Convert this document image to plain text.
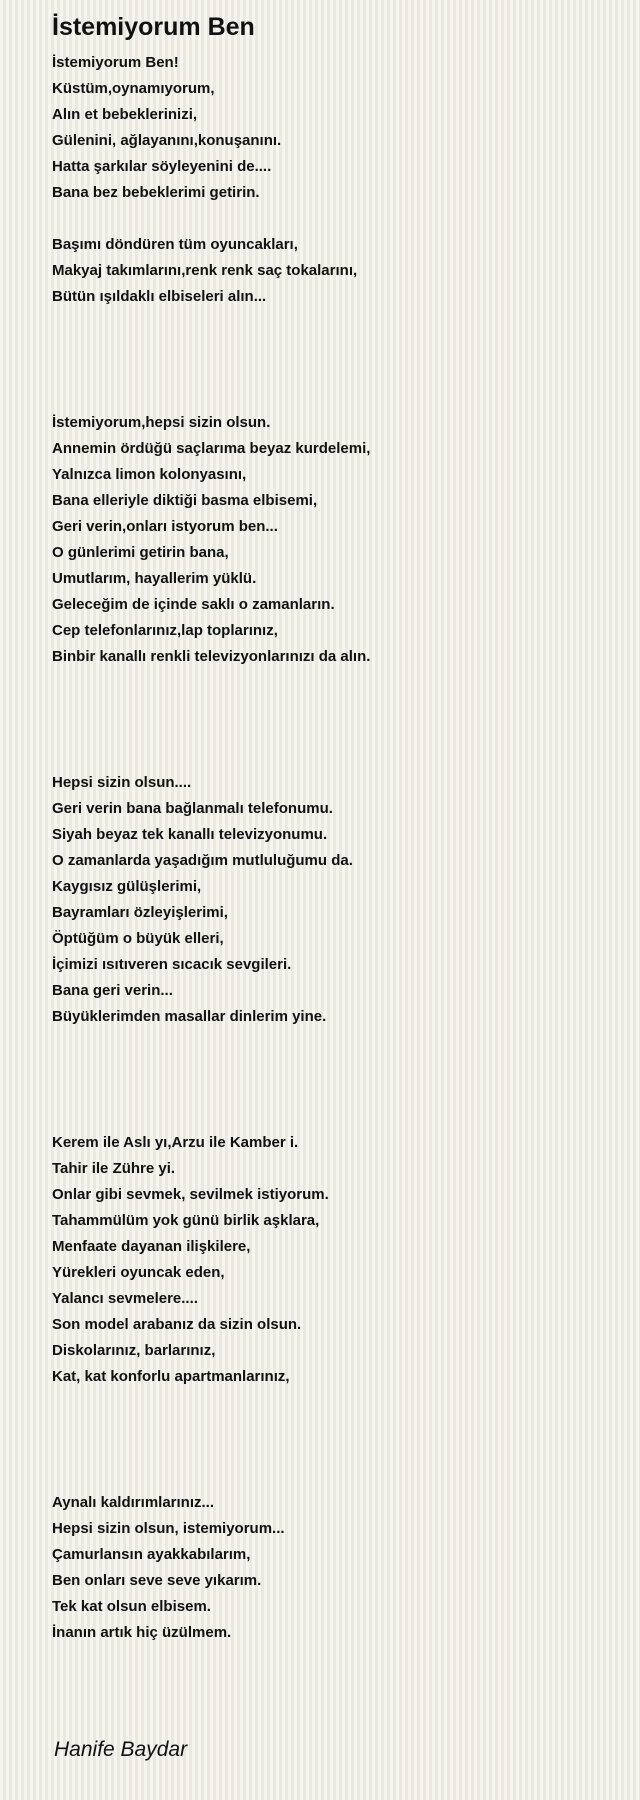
İstemiyorum Ben
İstemiyorum Ben!
Küstüm,oynamıyorum,
Alın et bebeklerinizi,
Gülenini, ağlayanını,konuşanını.
Hatta şarkılar söyleyenini de....
Bana bez bebeklerimi getirin.
Başımı döndüren tüm oyuncakları,
Makyaj takımlarını,renk renk saç tokalarını,
Bütün ışıldaklı elbiseleri alın...
İstemiyorum,hepsi sizin olsun.
Annemin ördüğü saçlarıma beyaz kurdelemi,
Yalnızca limon kolonyasını,
Bana elleriyle diktiği basma elbisemi,
Geri verin,onları istyorum ben...
O günlerimi getirin bana,
Umutlarım, hayallerim yüklü.
Geleceğim de içinde saklı o zamanların.
Cep telefonlarınız,lap toplarınız,
Binbir kanallı renkli televizyonlarınızı da alın.
Hepsi sizin olsun....
Geri verin bana bağlanmalı telefonumu.
Siyah beyaz tek kanallı televizyonumu.
O zamanlarda yaşadığım mutluluğumu da.
Kaygısız gülüşlerimi,
Bayramları özleyişlerimi,
Öptüğüm o büyük elleri,
İçimizi ısıtıveren sıcacık sevgileri.
Bana geri verin...
Büyüklerimden masallar dinlerim yine.
Kerem ile Aslı yı,Arzu ile Kamber i.
Tahir ile Zühre yi.
Onlar gibi sevmek, sevilmek istiyorum.
Tahammülüm yok günü birlik aşklara,
Menfaate dayanan ilişkilere,
Yürekleri oyuncak eden,
Yalancı sevmelere....
Son model arabanız da sizin olsun.
Diskolarınız, barlarınız,
Kat, kat konforlu apartmanlarınız,
Aynalı kaldırımlarınız...
Hepsi sizin olsun, istemiyorum...
Çamurlansın ayakkabılarım,
Ben onları seve seve yıkarım.
Tek kat olsun elbisem.
İnanın artık hiç üzülmem.
Hanife Baydar
